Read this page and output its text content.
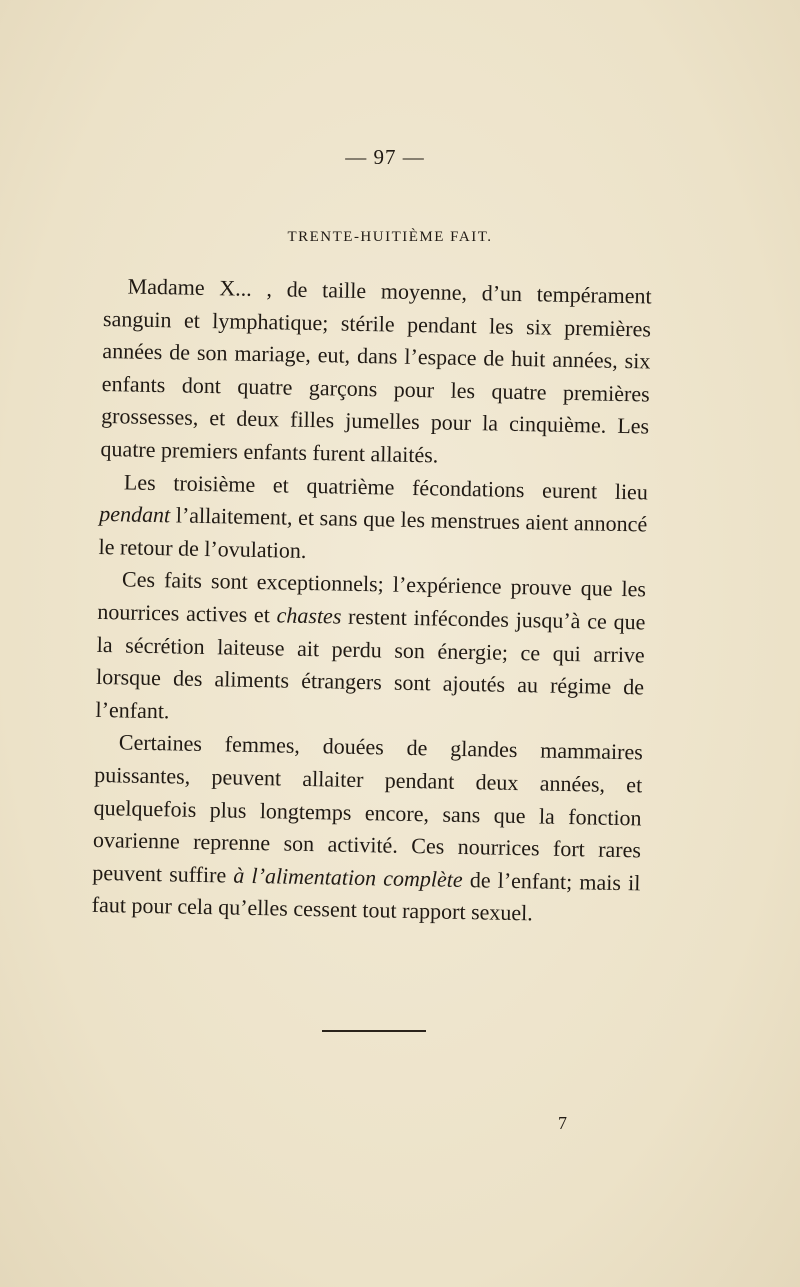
— 97 —
TRENTE-HUITIÈME FAIT.

Madame X... , de taille moyenne, d’un tempérament sanguin et lymphatique; stérile pendant les six premières années de son mariage, eut, dans l’espace de huit années, six enfants dont quatre garçons pour les quatre premières grossesses, et deux filles jumelles pour la cinquième. Les quatre premiers enfants furent allaités.

Les troisième et quatrième fécondations eurent lieu pendant l’allaitement, et sans que les menstrues aient annoncé le retour de l’ovulation.

Ces faits sont exceptionnels; l’expérience prouve que les nourrices actives et chastes restent infécondes jusqu’à ce que la sécrétion laiteuse ait perdu son énergie; ce qui arrive lorsque des aliments étrangers sont ajoutés au régime de l’enfant.

Certaines femmes, douées de glandes mammaires puissantes, peuvent allaiter pendant deux années, et quelquefois plus longtemps encore, sans que la fonction ovarienne reprenne son activité. Ces nourrices fort rares peuvent suffire à l’alimentation complète de l’enfant; mais il faut pour cela qu’elles cessent tout rapport sexuel.

7
